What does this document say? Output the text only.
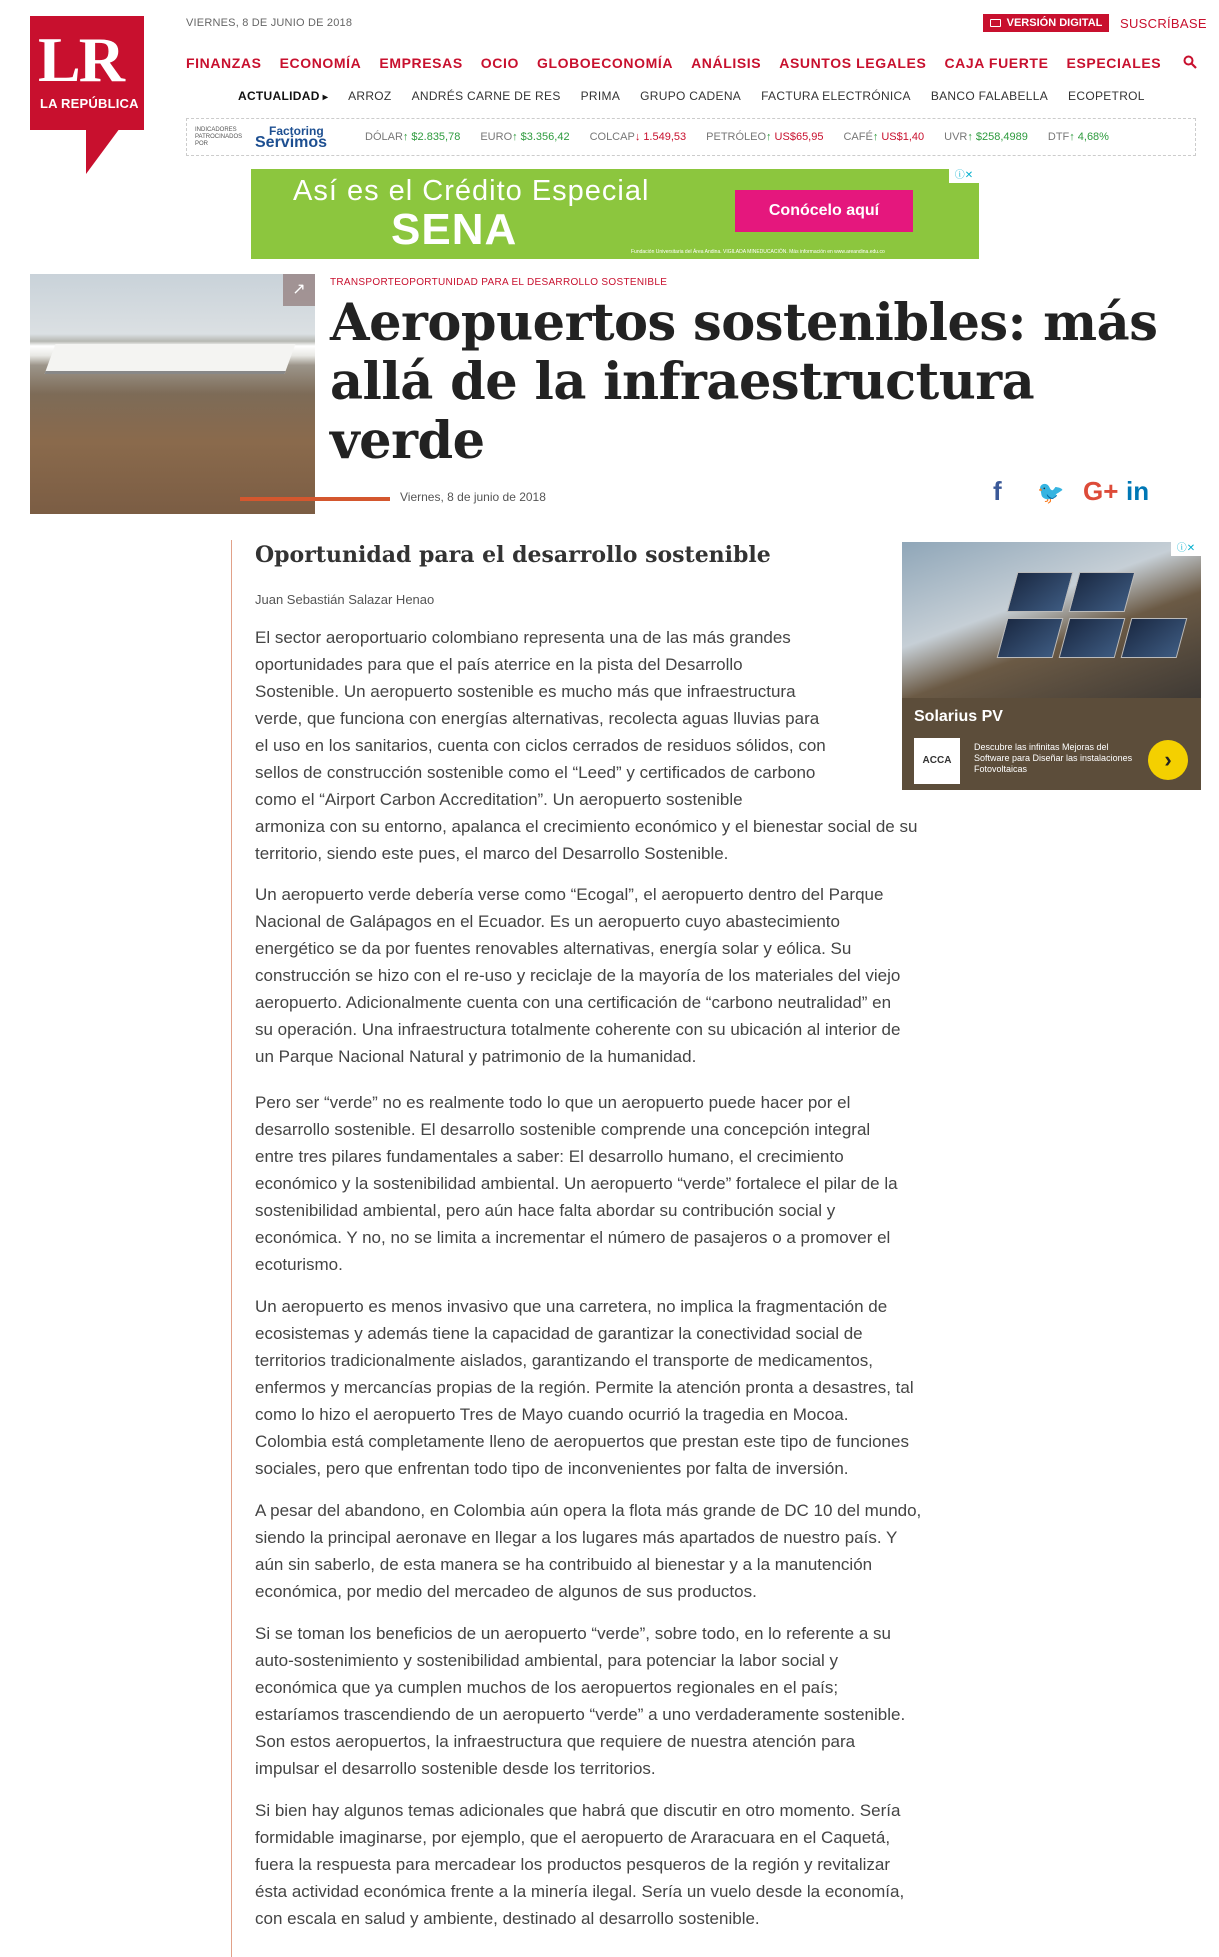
LR
LA REPÚBLICA
VIERNES, 8 DE JUNIO DE 2018	VERSIÓN DIGITAL SUSCRÍBASE
FINANZAS ECONOMÍA EMPRESAS OCIO GLOBOECONOMÍA ANÁLISIS ASUNTOS LEGALES CAJA FUERTE ESPECIALES
ACTUALIDAD ▸	ARROZ ANDRÉS CARNE DE RES PRIMA GRUPO CADENA FACTURA ELECTRÓNICA BANCO FALABELLA ECOPETROL
INDICADORES PATROCINADOS POR
Factoring
Servimos	DÓLAR↑ $2.835,78 EURO↑ $3.356,42 COLCAP↓ 1.549,53 PETRÓLEO↑ US$65,95 CAFÉ↑ US$1,40 UVR↑ $258,4989 DTF↑ 4,68%
Así es el Crédito Especial
SENA	Conócelo aquí
Fundación Universitaria del Área Andina. VIGILADA MINEDUCACIÓN. Más información en www.areandina.edu.co
ⓘ✕
↗	TRANSPORTEOPORTUNIDAD PARA EL DESARROLLO SOSTENIBLE
Aeropuertos sostenibles: más allá de la infraestructura verde
Viernes, 8 de junio de 2018	f 🐦 G+ in
Oportunidad para el desarrollo sostenible
Juan Sebastián Salazar Henao
El sector aeroportuario colombiano representa una de las más grandes
oportunidades para que el país aterrice en la pista del Desarrollo
Sostenible. Un aeropuerto sostenible es mucho más que infraestructura
verde, que funciona con energías alternativas, recolecta aguas lluvias para
el uso en los sanitarios, cuenta con ciclos cerrados de residuos sólidos, con
sellos de construcción sostenible como el “Leed” y certificados de carbono
como el “Airport Carbon Accreditation”. Un aeropuerto sostenible
armoniza con su entorno, apalanca el crecimiento económico y el bienestar social de su
territorio, siendo este pues, el marco del Desarrollo Sostenible.
Un aeropuerto verde debería verse como “Ecogal”, el aeropuerto dentro del Parque
Nacional de Galápagos en el Ecuador. Es un aeropuerto cuyo abastecimiento
energético se da por fuentes renovables alternativas, energía solar y eólica. Su
construcción se hizo con el re-uso y reciclaje de la mayoría de los materiales del viejo
aeropuerto. Adicionalmente cuenta con una certificación de “carbono neutralidad” en
su operación. Una infraestructura totalmente coherente con su ubicación al interior de
un Parque Nacional Natural y patrimonio de la humanidad.
Pero ser “verde” no es realmente todo lo que un aeropuerto puede hacer por el
desarrollo sostenible. El desarrollo sostenible comprende una concepción integral
entre tres pilares fundamentales a saber: El desarrollo humano, el crecimiento
económico y la sostenibilidad ambiental. Un aeropuerto “verde” fortalece el pilar de la
sostenibilidad ambiental, pero aún hace falta abordar su contribución social y
económica. Y no, no se limita a incrementar el número de pasajeros o a promover el
ecoturismo.
Un aeropuerto es menos invasivo que una carretera, no implica la fragmentación de
ecosistemas y además tiene la capacidad de garantizar la conectividad social de
territorios tradicionalmente aislados, garantizando el transporte de medicamentos,
enfermos y mercancías propias de la región. Permite la atención pronta a desastres, tal
como lo hizo el aeropuerto Tres de Mayo cuando ocurrió la tragedia en Mocoa.
Colombia está completamente lleno de aeropuertos que prestan este tipo de funciones
sociales, pero que enfrentan todo tipo de inconvenientes por falta de inversión.
A pesar del abandono, en Colombia aún opera la flota más grande de DC 10 del mundo,
siendo la principal aeronave en llegar a los lugares más apartados de nuestro país. Y
aún sin saberlo, de esta manera se ha contribuido al bienestar y a la manutención
económica, por medio del mercadeo de algunos de sus productos.
Si se toman los beneficios de un aeropuerto “verde”, sobre todo, en lo referente a su
auto-sostenimiento y sostenibilidad ambiental, para potenciar la labor social y
económica que ya cumplen muchos de los aeropuertos regionales en el país;
estaríamos trascendiendo de un aeropuerto “verde” a uno verdaderamente sostenible.
Son estos aeropuertos, la infraestructura que requiere de nuestra atención para
impulsar el desarrollo sostenible desde los territorios.
Si bien hay algunos temas adicionales que habrá que discutir en otro momento. Sería
formidable imaginarse, por ejemplo, que el aeropuerto de Araracuara en el Caquetá,
fuera la respuesta para mercadear los productos pesqueros de la región y revitalizar
ésta actividad económica frente a la minería ilegal. Sería un vuelo desde la economía,
con escala en salud y ambiente, destinado al desarrollo sostenible.
Solarius PV
ACCA
Descubre las infinitas Mejoras del Software para Diseñar las instalaciones Fotovoltaicas	›
ⓘ✕
